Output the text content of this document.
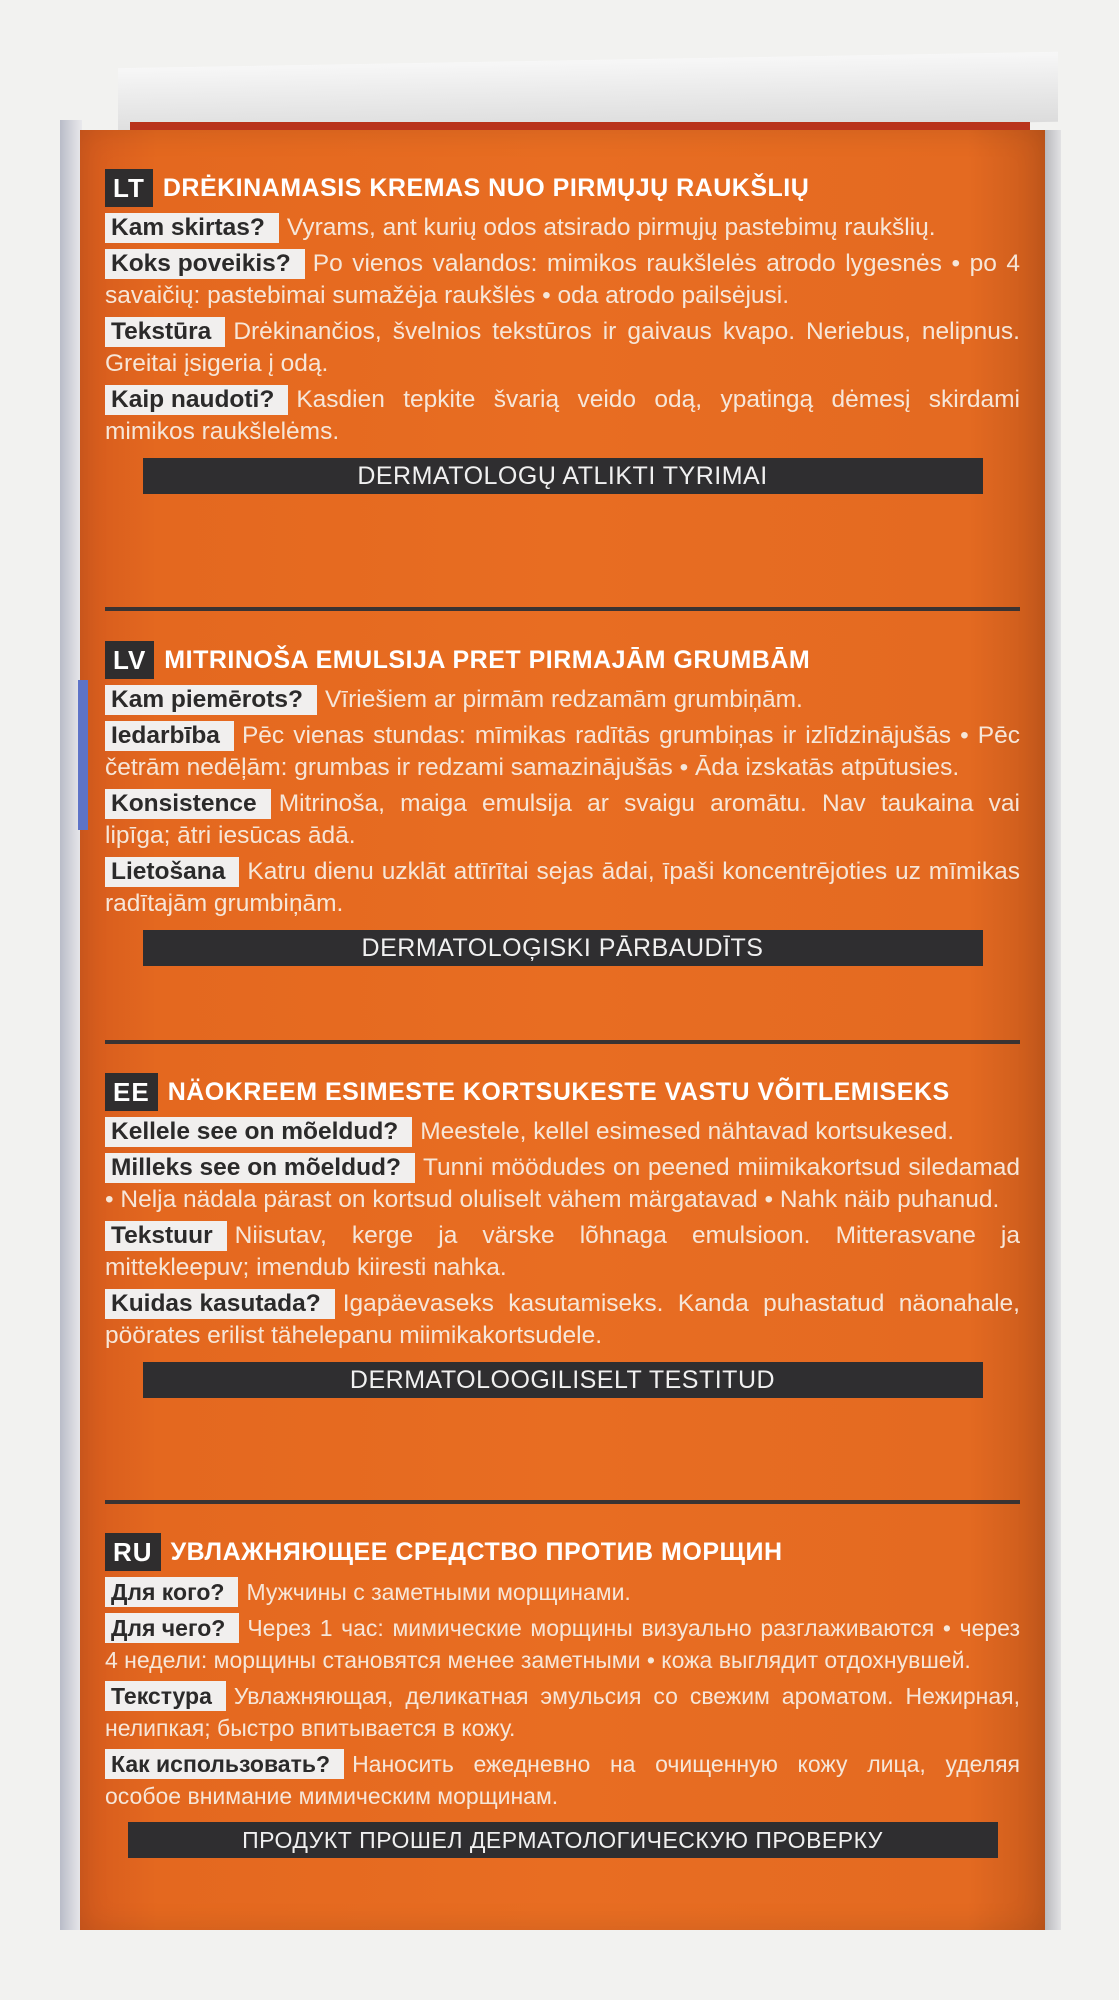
LT DRĖKINAMASIS KREMAS NUO PIRMŲJŲ RAUKŠLIŲ

Kam skirtas? Vyrams, ant kurių odos atsirado pirmųjų pastebimų raukšlių.

Koks poveikis? Po vienos valandos: mimikos raukšlelės atrodo lygesnės • po 4 savaičių: pastebimai sumažėja raukšlės • oda atrodo pailsėjusi.

Tekstūra Drėkinančios, švelnios tekstūros ir gaivaus kvapo. Neriebus, nelipnus. Greitai įsigeria į odą.

Kaip naudoti? Kasdien tepkite švarią veido odą, ypatingą dėmesį skirdami mimikos raukšlelėms.

DERMATOLOGŲ ATLIKTI TYRIMAI
LV MITRINOŠA EMULSIJA PRET PIRMAJĀM GRUMBĀM

Kam piemērots? Vīriešiem ar pirmām redzamām grumbiņām.

Iedarbība Pēc vienas stundas: mīmikas radītās grumbiņas ir izlīdzinājušās • Pēc četrām nedēļām: grumbas ir redzami samazinājušās • Āda izskatās atpūtusies.

Konsistence Mitrinoša, maiga emulsija ar svaigu aromātu. Nav taukaina vai lipīga; ātri iesūcas ādā.

Lietošana Katru dienu uzklāt attīrītai sejas ādai, īpaši koncentrējoties uz mīmikas radītajām grumbiņām.

DERMATOLOĢISKI PĀRBAUDĪTS
EE NÄOKREEM ESIMESTE KORTSUKESTE VASTU VÕITLEMISEKS

Kellele see on mõeldud? Meestele, kellel esimesed nähtavad kortsukesed.

Milleks see on mõeldud? Tunni möödudes on peened miimikakortsud siledamad • Nelja nädala pärast on kortsud oluliselt vähem märgatavad • Nahk näib puhanud.

Tekstuur Niisutav, kerge ja värske lõhnaga emulsioon. Mitterasvane ja mittekleepuv; imendub kiiresti nahka.

Kuidas kasutada? Igapäevaseks kasutamiseks. Kanda puhastatud näonahale, pöörates erilist tähelepanu miimikakortsudele.

DERMATOLOOGILISELT TESTITUD
RU УВЛАЖНЯЮЩЕЕ СРЕДСТВО ПРОТИВ МОРЩИН

Для кого? Мужчины с заметными морщинами.

Для чего? Через 1 час: мимические морщины визуально разглаживаются • через 4 недели: морщины становятся менее заметными • кожа выглядит отдохнувшей.

Текстура Увлажняющая, деликатная эмульсия со свежим ароматом. Нежирная, нелипкая; быстро впитывается в кожу.

Как использовать? Наносить ежедневно на очищенную кожу лица, уделяя особое внимание мимическим морщинам.

ПРОДУКТ ПРОШЕЛ ДЕРМАТОЛОГИЧЕСКУЮ ПРОВЕРКУ
